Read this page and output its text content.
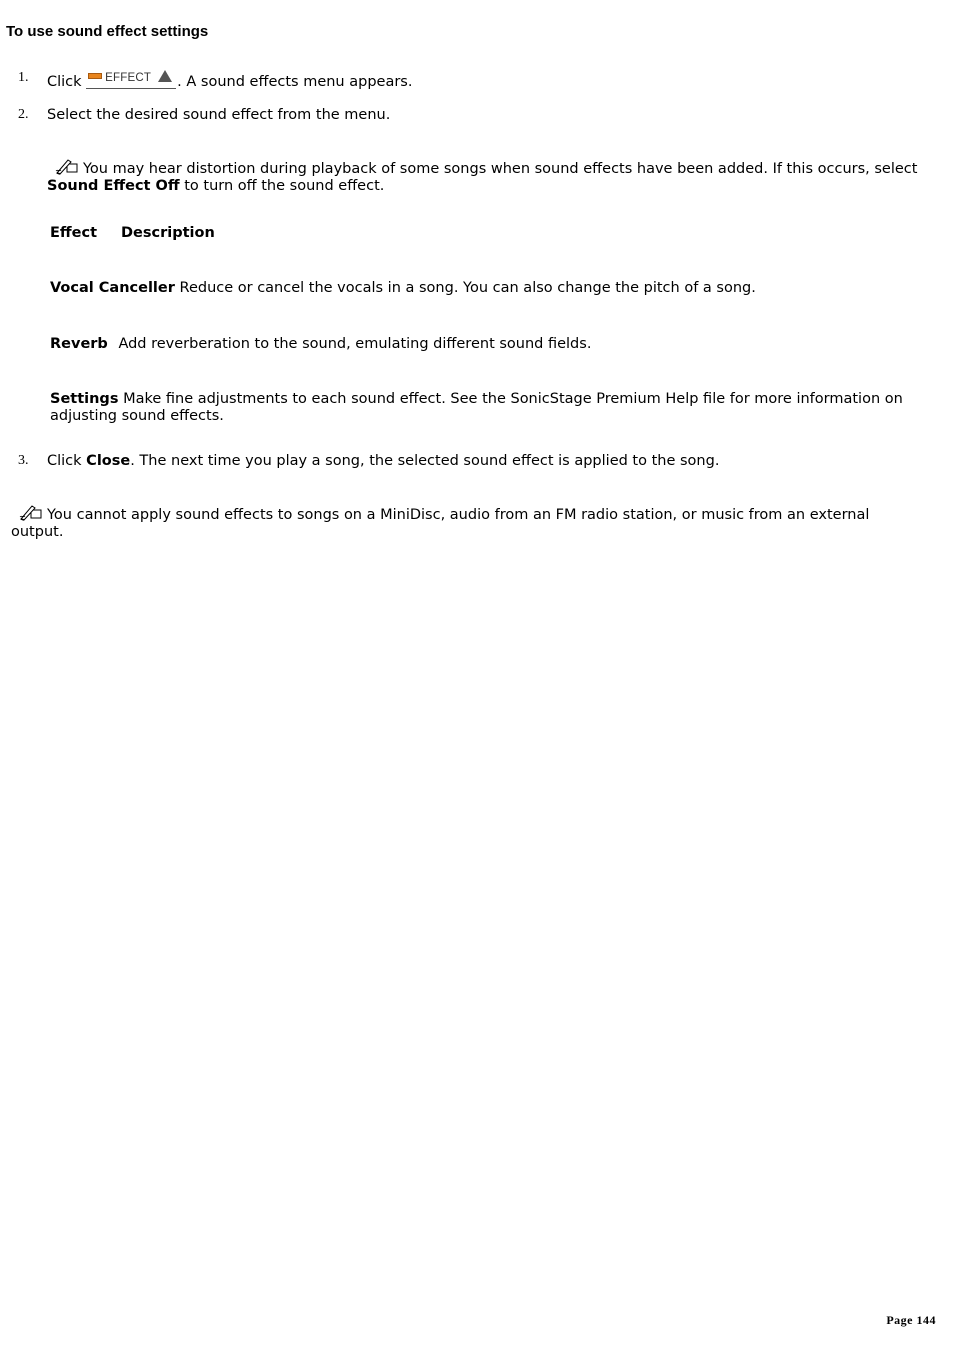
To use sound effect settings
1. Click EFFECT . A sound effects menu appears.
2. Select the desired sound effect from the menu.
You may hear distortion during playback of some songs when sound effects have been added. If this occurs, select Sound Effect Off to turn off the sound effect.
Effect Description
Vocal Canceller Reduce or cancel the vocals in a song. You can also change the pitch of a song.
Reverb Add reverberation to the sound, emulating different sound fields.
Settings Make fine adjustments to each sound effect. See the SonicStage Premium Help file for more information on adjusting sound effects.
3. Click Close. The next time you play a song, the selected sound effect is applied to the song.
You cannot apply sound effects to songs on a MiniDisc, audio from an FM radio station, or music from an external output.
Page 144
